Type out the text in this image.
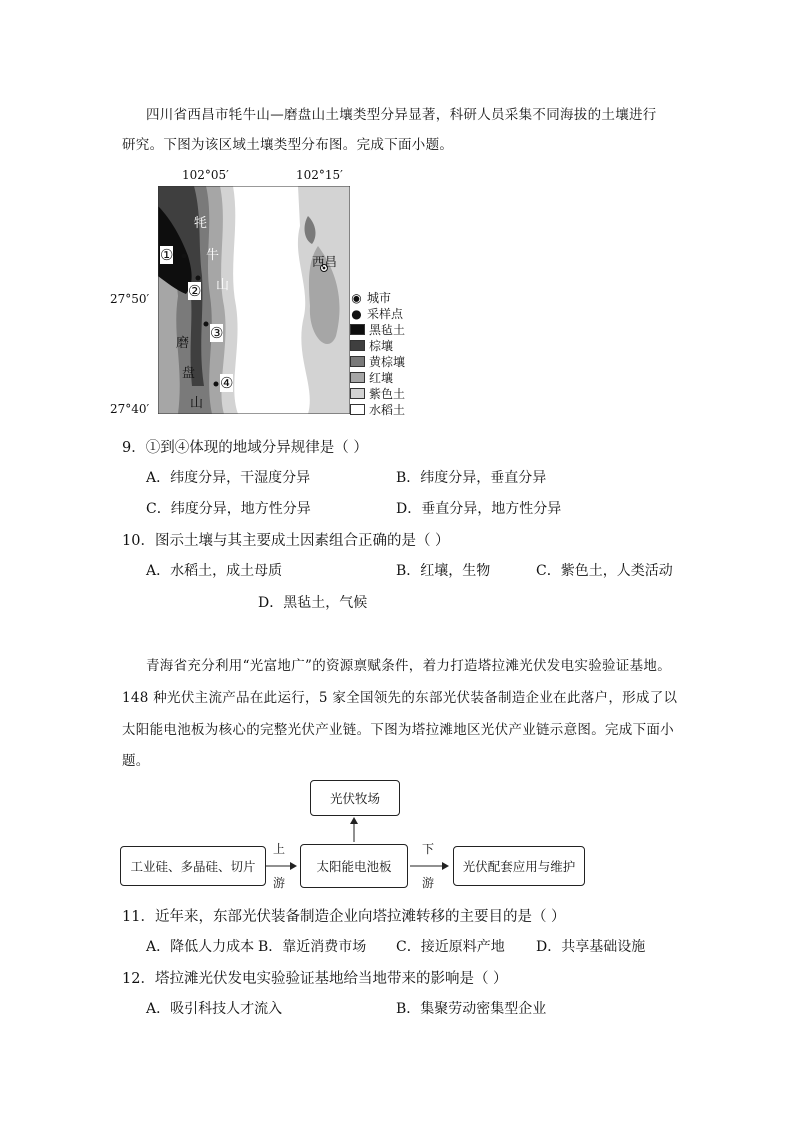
四川省西昌市牦牛山—磨盘山土壤类型分异显著，科研人员采集不同海拔的土壤进行
研究。下图为该区域土壤类型分布图。完成下面小题。
102°05′	102°15′
27°50′
27°40′
①
②
③
④
牦
牛
山
磨
盘
山
西昌
◉ 城市
● 采样点
黑毡土
棕壤
黄棕壤
红壤
紫色土
水稻土
9．①到④体现的地域分异规律是（ ）
A．纬度分异，干湿度分异	B．纬度分异，垂直分异
C．纬度分异，地方性分异	D．垂直分异，地方性分异
10．图示土壤与其主要成土因素组合正确的是（ ）
A．水稻土，成土母质	B．红壤，生物	C．紫色土，人类活动
D．黑毡土，气候
青海省充分利用“光富地广”的资源禀赋条件，着力打造塔拉滩光伏发电实验验证基地。
148 种光伏主流产品在此运行，5 家全国领先的东部光伏装备制造企业在此落户，形成了以
太阳能电池板为核心的完整光伏产业链。下图为塔拉滩地区光伏产业链示意图。完成下面小
题。
光伏牧场
工业硅、多晶硅、切片	太阳能电池板	光伏配套应用与维护
上
游
下
游
11．近年来，东部光伏装备制造企业向塔拉滩转移的主要目的是（ ）
A．降低人力成本 B．靠近消费市场 C．接近原料产地 D．共享基础设施
12．塔拉滩光伏发电实验验证基地给当地带来的影响是（ ）
A．吸引科技人才流入	B．集聚劳动密集型企业
